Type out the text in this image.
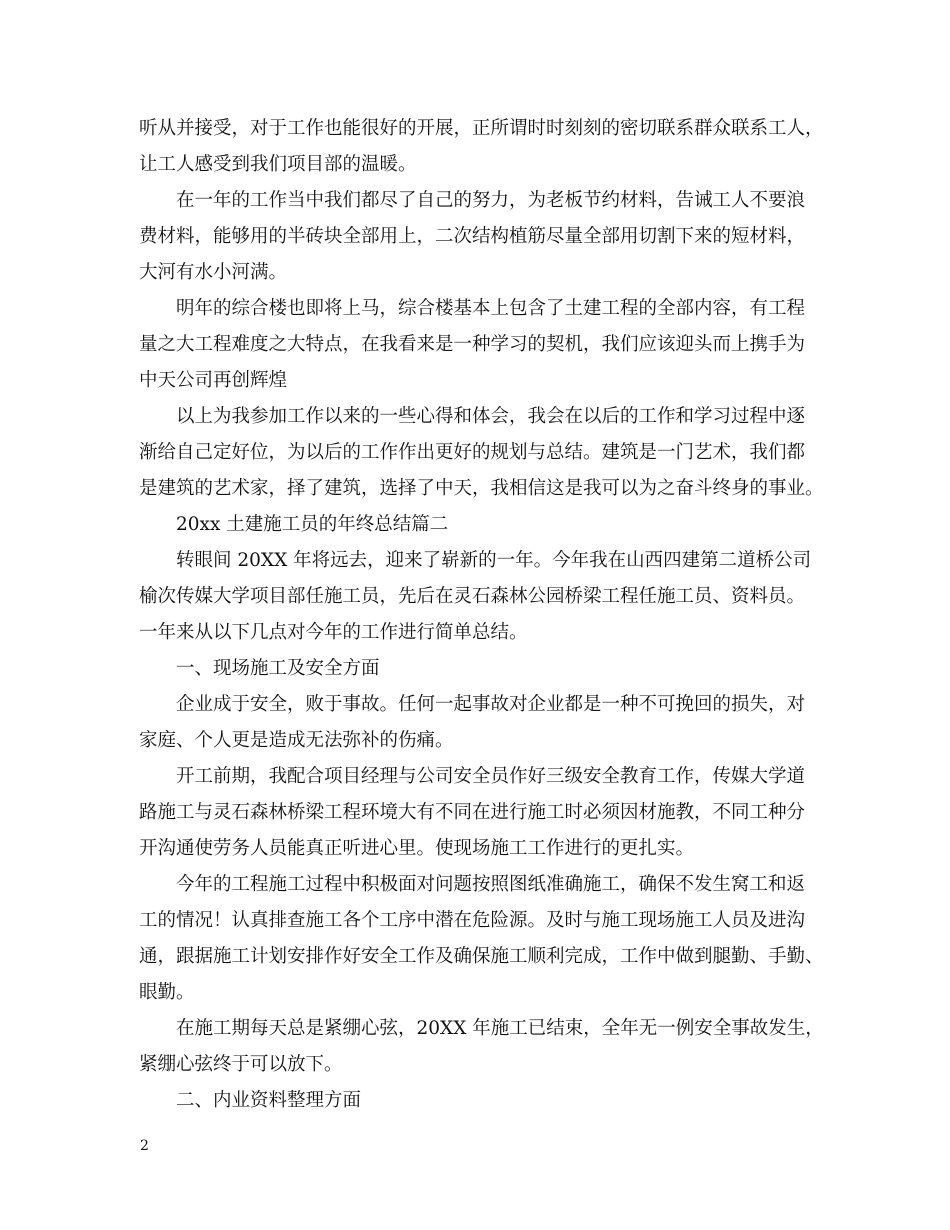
听从并接受，对于工作也能很好的开展，正所谓时时刻刻的密切联系群众联系工人，
让工人感受到我们项目部的温暖。
在一年的工作当中我们都尽了自己的努力，为老板节约材料，告诫工人不要浪
费材料，能够用的半砖块全部用上，二次结构植筋尽量全部用切割下来的短材料，
大河有水小河满。
明年的综合楼也即将上马，综合楼基本上包含了土建工程的全部内容，有工程
量之大工程难度之大特点，在我看来是一种学习的契机，我们应该迎头而上携手为
中天公司再创辉煌
以上为我参加工作以来的一些心得和体会，我会在以后的工作和学习过程中逐
渐给自己定好位，为以后的工作作出更好的规划与总结。建筑是一门艺术，我们都
是建筑的艺术家，择了建筑，选择了中天，我相信这是我可以为之奋斗终身的事业。
20xx 土建施工员的年终总结篇二
转眼间 20XX 年将远去，迎来了崭新的一年。今年我在山西四建第二道桥公司
榆次传媒大学项目部任施工员，先后在灵石森林公园桥梁工程任施工员、资料员。
一年来从以下几点对今年的工作进行简单总结。
一、现场施工及安全方面
企业成于安全，败于事故。任何一起事故对企业都是一种不可挽回的损失，对
家庭、个人更是造成无法弥补的伤痛。
开工前期，我配合项目经理与公司安全员作好三级安全教育工作，传媒大学道
路施工与灵石森林桥梁工程环境大有不同在进行施工时必须因材施教，不同工种分
开沟通使劳务人员能真正听进心里。使现场施工工作进行的更扎实。
今年的工程施工过程中积极面对问题按照图纸准确施工，确保不发生窝工和返
工的情况！认真排查施工各个工序中潜在危险源。及时与施工现场施工人员及进沟
通，跟据施工计划安排作好安全工作及确保施工顺利完成，工作中做到腿勤、手勤、
眼勤。
在施工期每天总是紧绷心弦，20XX 年施工已结束，全年无一例安全事故发生，
紧绷心弦终于可以放下。
二、内业资料整理方面
2
